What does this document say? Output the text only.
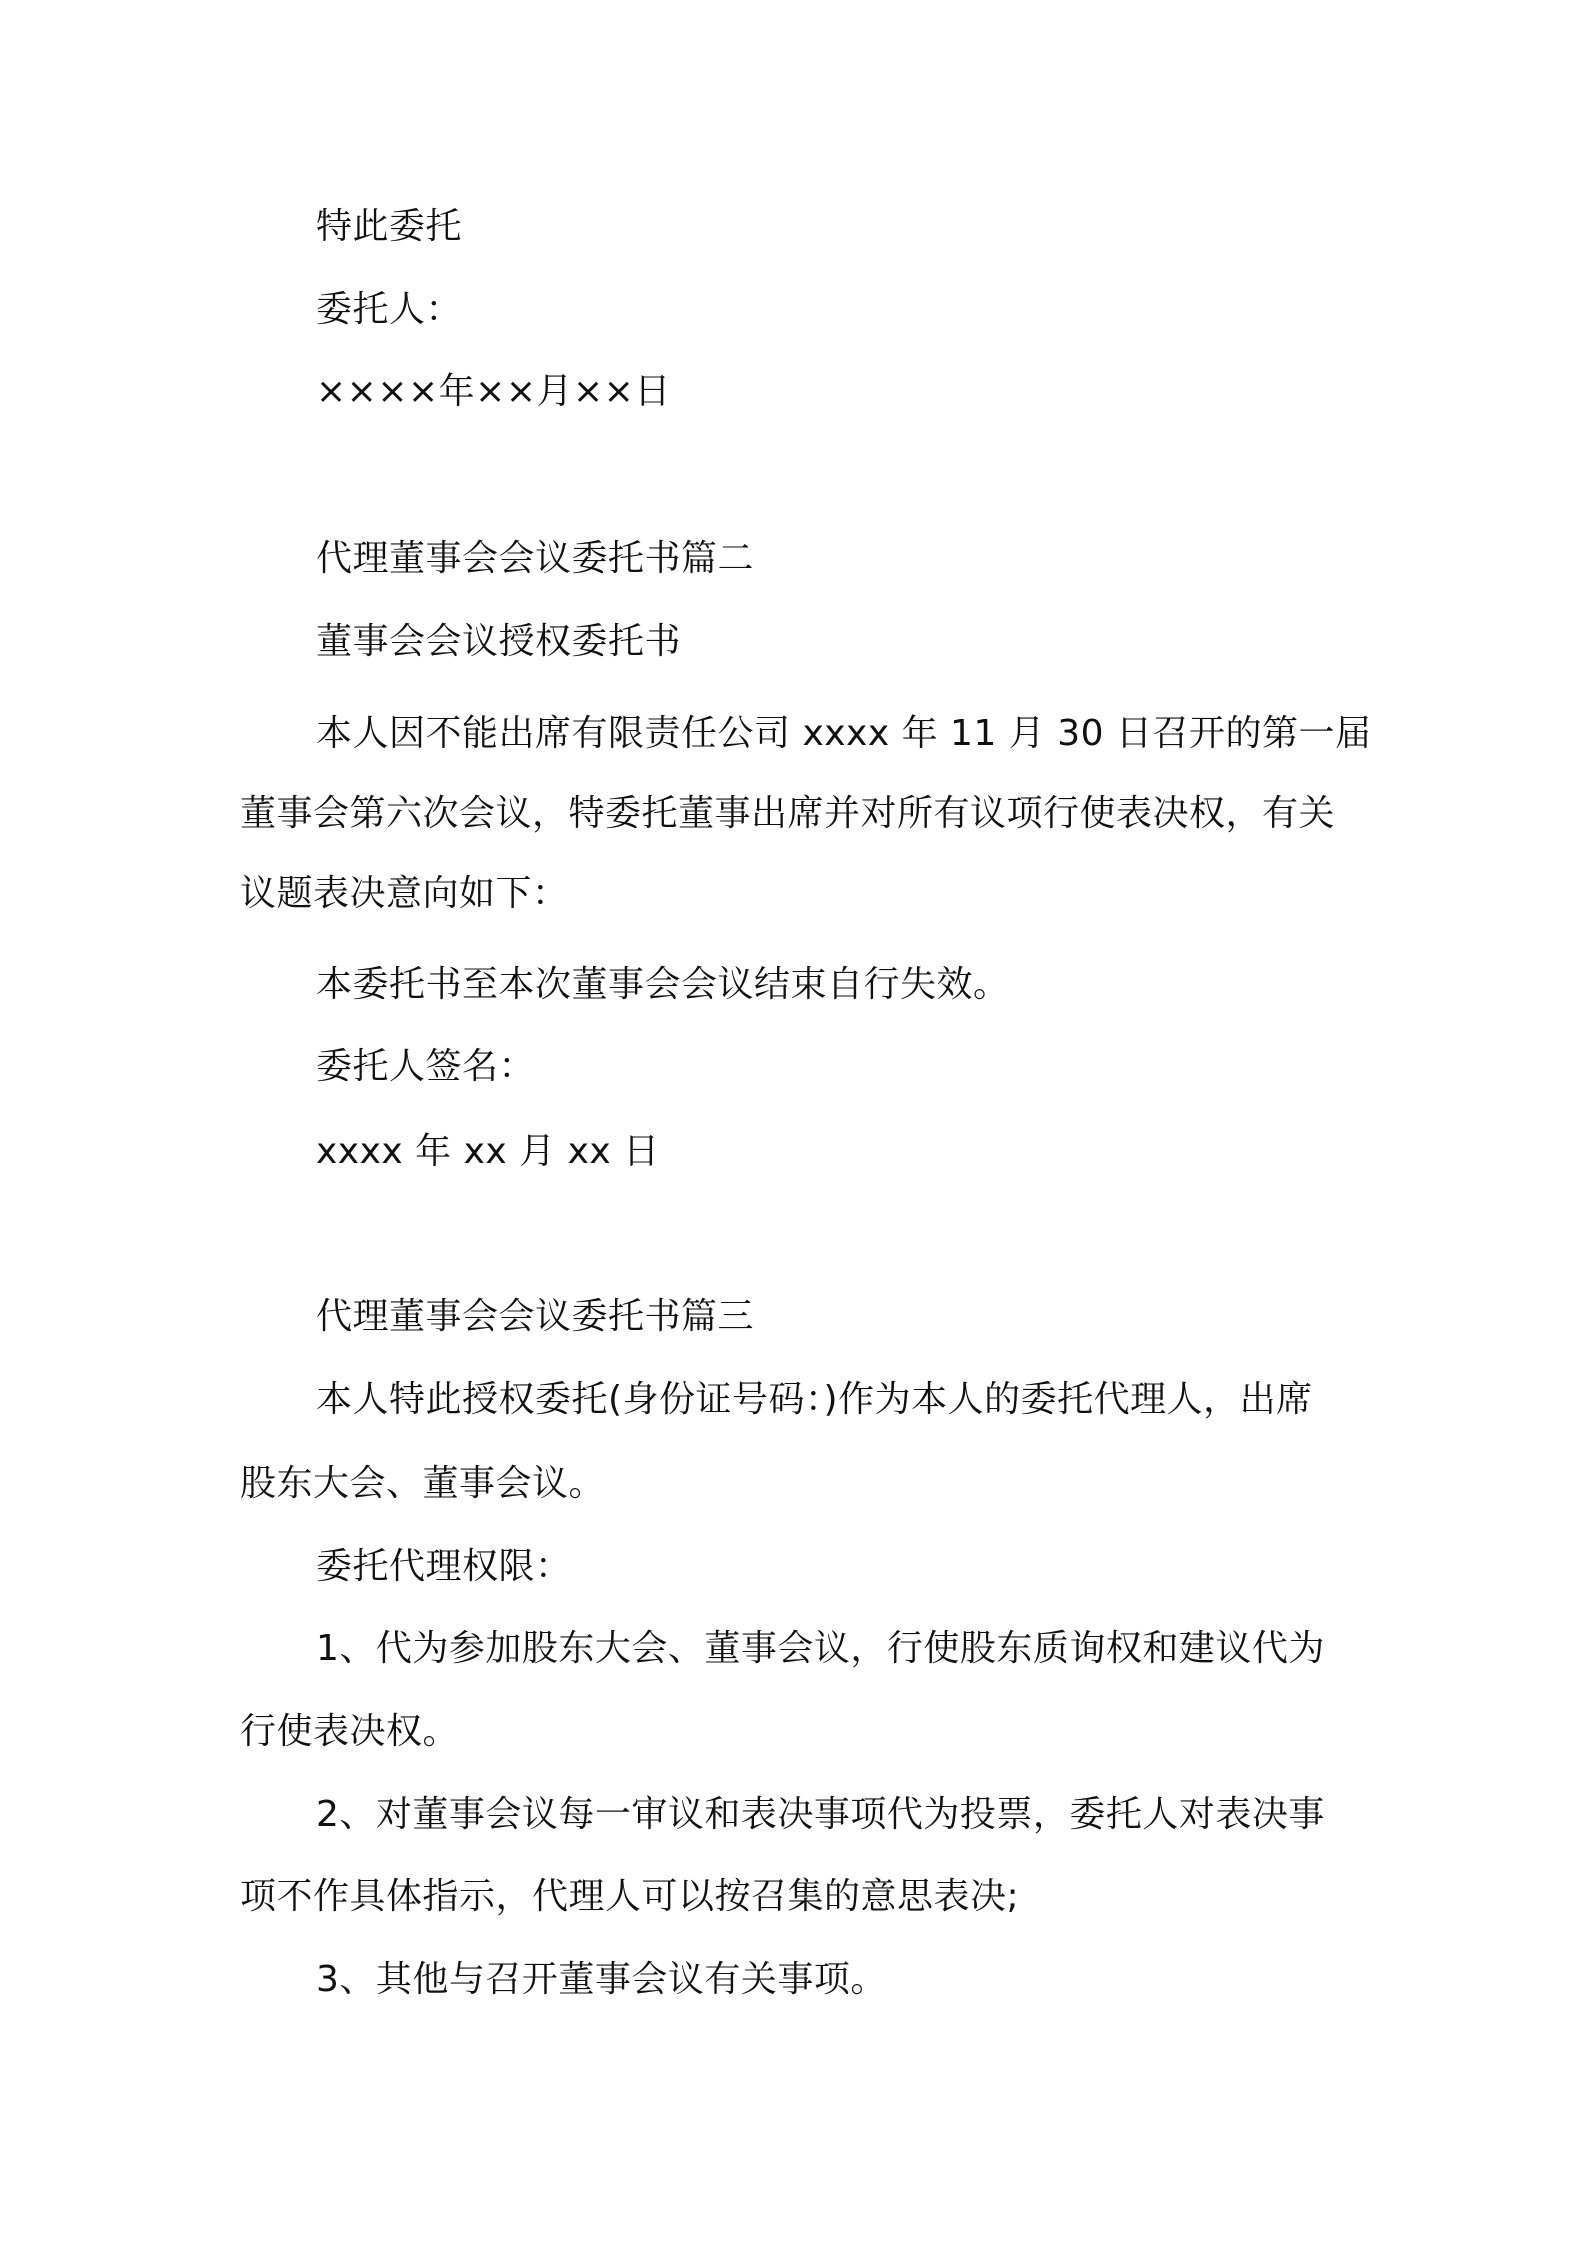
特此委托
委托人：
××××年××月××日
代理董事会会议委托书篇二
董事会会议授权委托书
本人因不能出席有限责任公司 xxxx 年 11 月 30 日召开的第一届
董事会第六次会议，特委托董事出席并对所有议项行使表决权，有关
议题表决意向如下：
本委托书至本次董事会会议结束自行失效。
委托人签名：
xxxx 年 xx 月 xx 日
代理董事会会议委托书篇三
本人特此授权委托(身份证号码：)作为本人的委托代理人，出席
股东大会、董事会议。
委托代理权限：
1、代为参加股东大会、董事会议，行使股东质询权和建议代为
行使表决权。
2、对董事会议每一审议和表决事项代为投票，委托人对表决事
项不作具体指示，代理人可以按召集的意思表决;
3、其他与召开董事会议有关事项。
